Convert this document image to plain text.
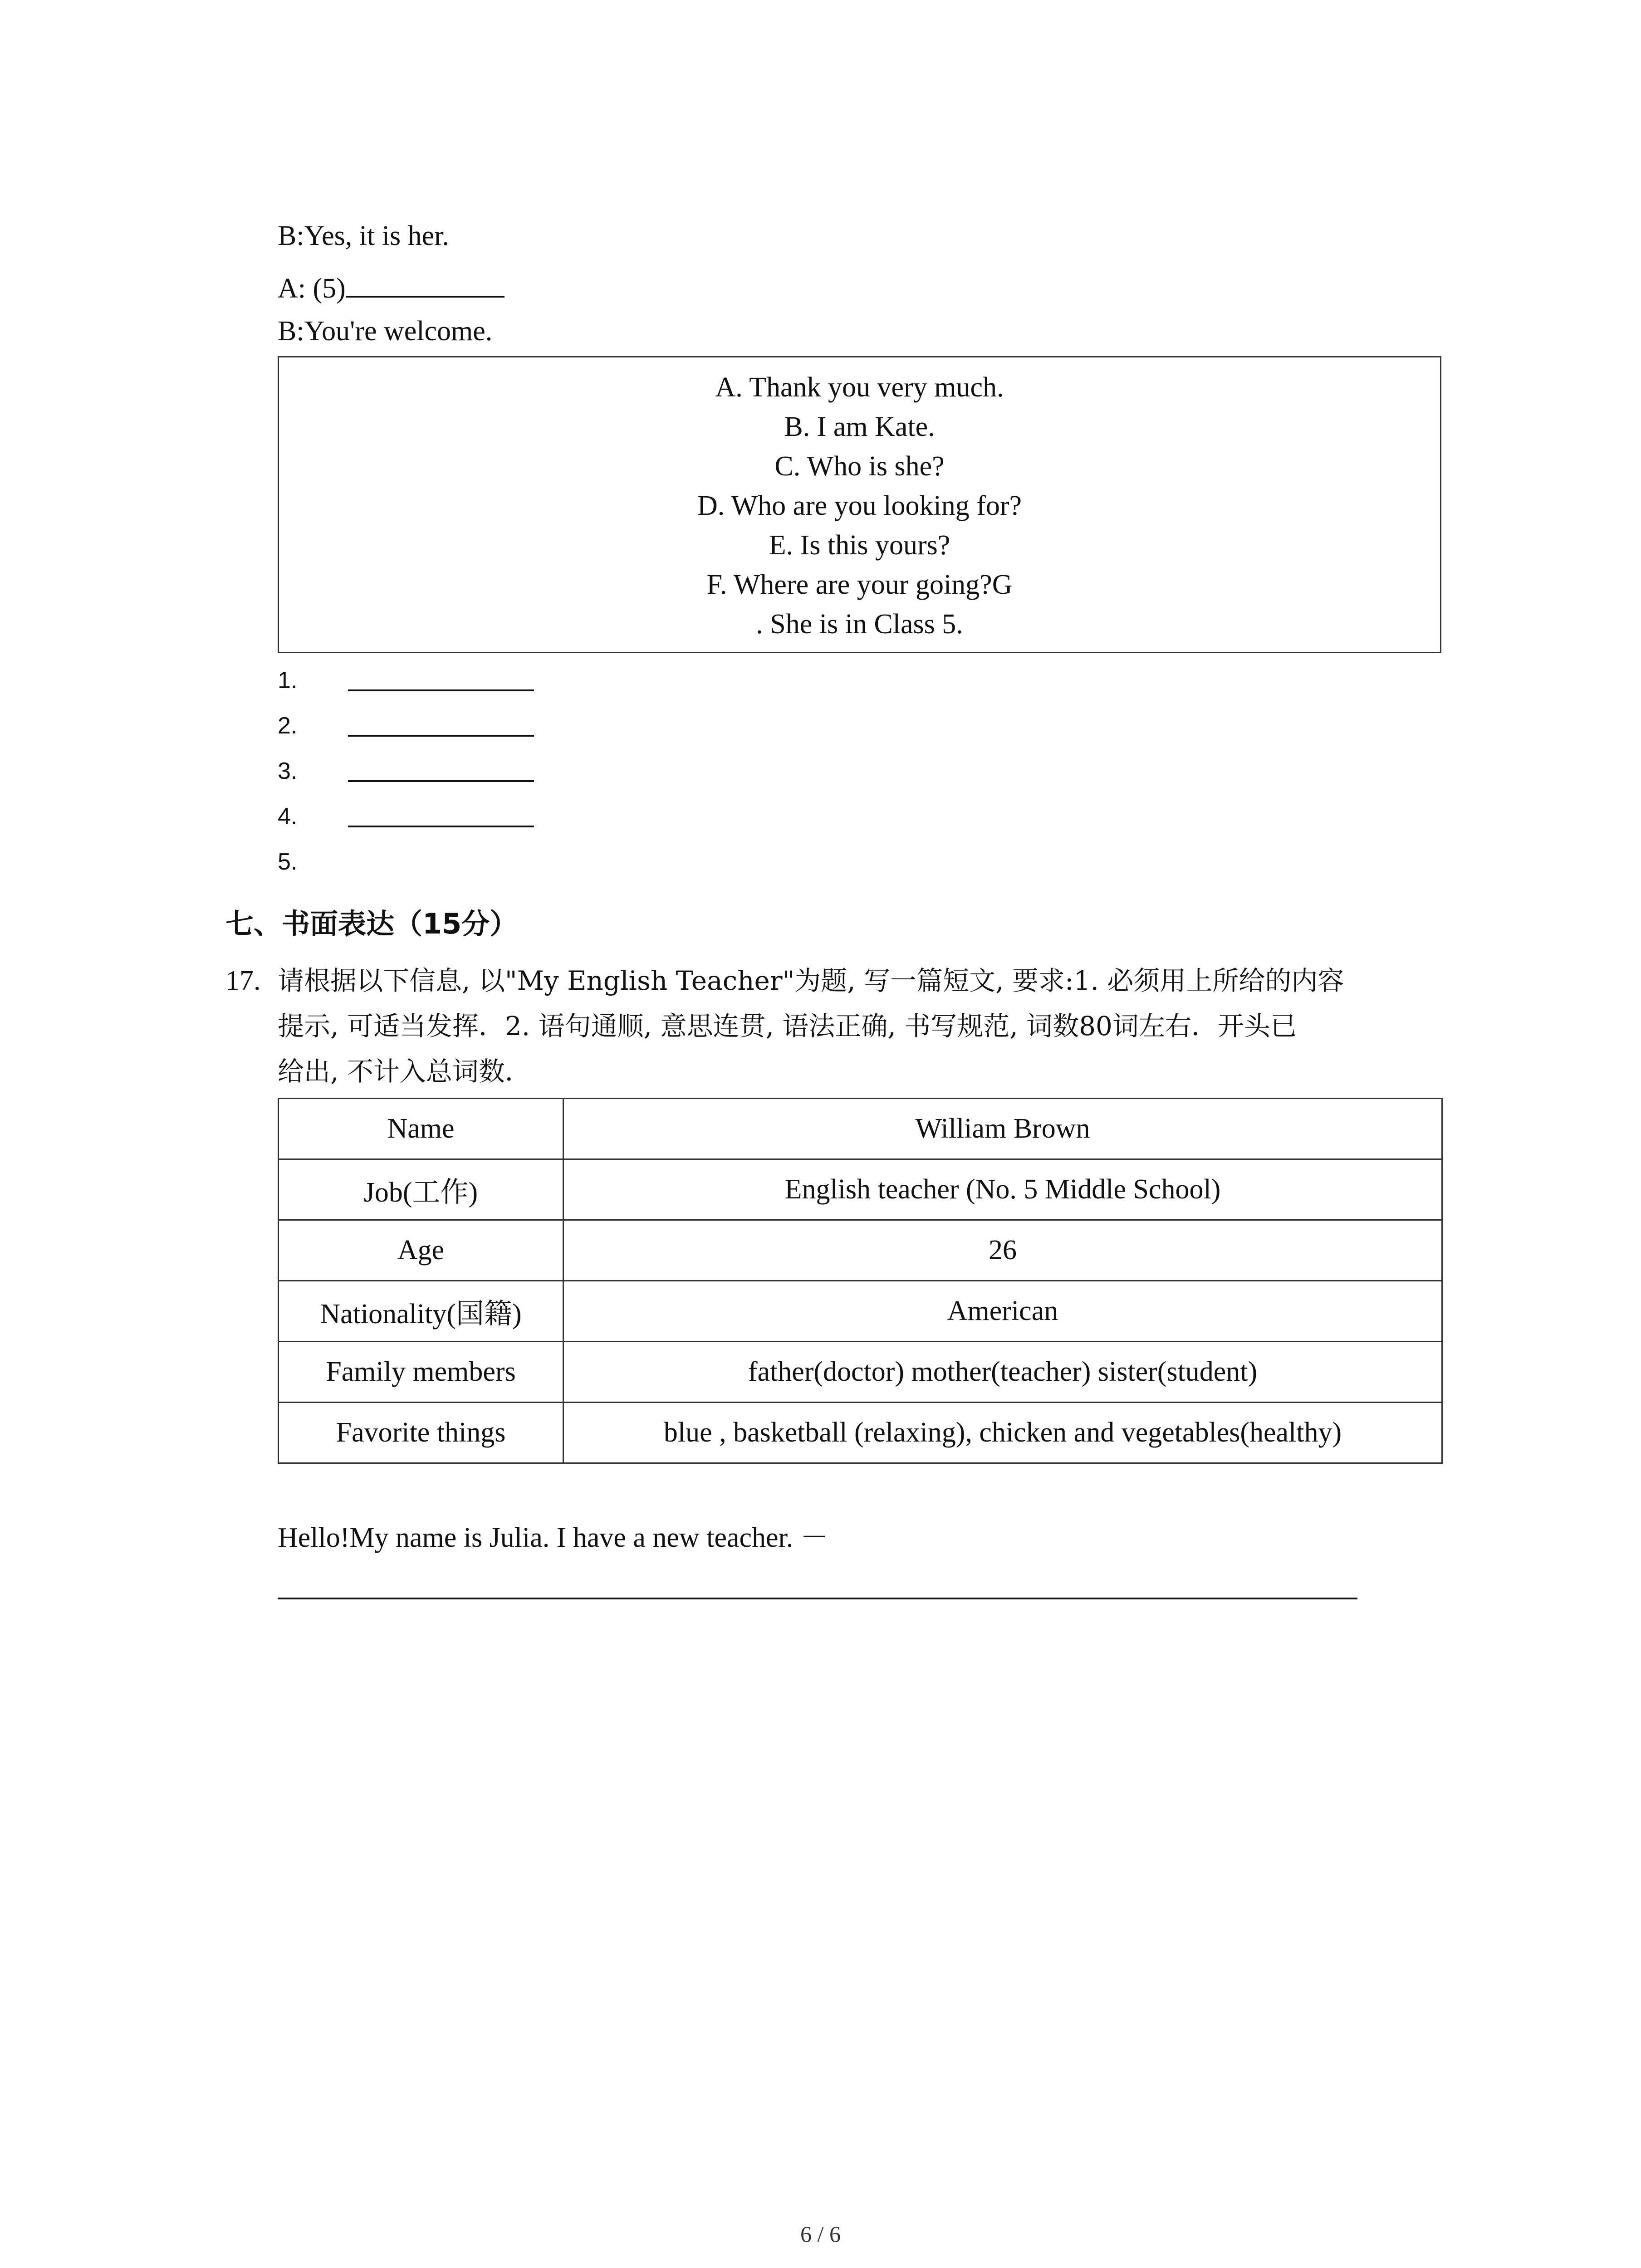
B:Yes, it is her.
A: (5)
B:You're welcome.
A. Thank you very much.
B. I am Kate.
C. Who is she?
D. Who are you looking for?
E. Is this yours?
F. Where are your going?G
. She is in Class 5.
1.
2.
3.
4.
5.
七、书面表达（15分）
17. 请根据以下信息, 以"My English Teacher"为题, 写一篇短文, 要求:1. 必须用上所给的内容
提示, 可适当发挥．2. 语句通顺, 意思连贯, 语法正确, 书写规范, 词数80词左右．开头已
给出, 不计入总词数．
Name	William Brown
Job(工作)	English teacher (No. 5 Middle School)
Age	26
Nationality(国籍)	American
Family members	father(doctor) mother(teacher) sister(student)
Favorite things	blue , basketball (relaxing), chicken and vegetables(healthy)
Hello!My name is Julia. I have a new teacher. －
6 / 6
